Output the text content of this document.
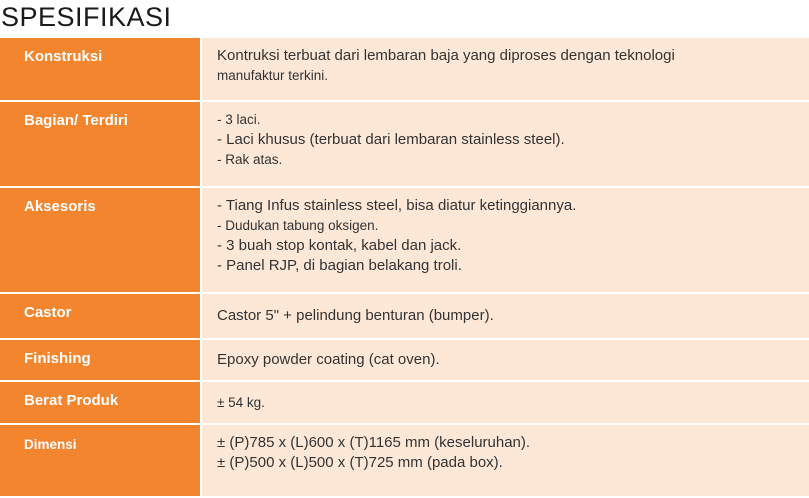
SPESIFIKASI
Konstruksi	Kontruksi terbuat dari lembaran baja yang diproses dengan teknologi
manufaktur terkini.

Bagian/ Terdiri	- 3 laci.
- Laci khusus (terbuat dari lembaran stainless steel).
- Rak atas.

Aksesoris	- Tiang Infus stainless steel, bisa diatur ketinggiannya.
- Dudukan tabung oksigen.
- 3 buah stop kontak, kabel dan jack.
- Panel RJP, di bagian belakang troli.

Castor	Castor 5" + pelindung benturan (bumper).

Finishing	Epoxy powder coating (cat oven).

Berat Produk	± 54 kg.

Dimensi	± (P)785 x (L)600 x (T)1165 mm (keseluruhan).
± (P)500 x (L)500 x (T)725 mm (pada box).
